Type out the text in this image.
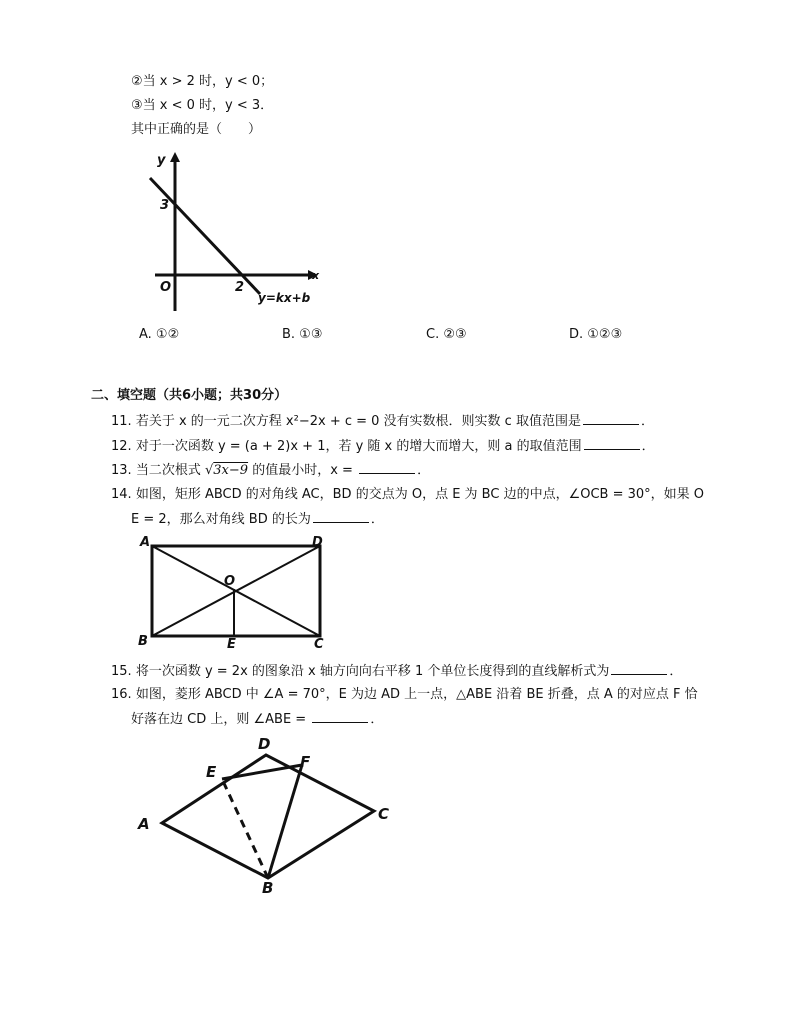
②当 x > 2 时，y < 0；
③当 x < 0 时，y < 3．
其中正确的是（　　）
y
x
O
3
2
y=kx+b
A. ①②	B. ①③	C. ②③	D. ①②③
二、填空题（共6小题；共30分）
11. 若关于 x 的一元二次方程 x²−2x + c = 0 没有实数根．则实数 c 取值范围是	．
12. 对于一次函数 y = (a + 2)x + 1，若 y 随 x 的增大而增大，则 a 的取值范围	．
13. 当二次根式 √3x−9 的值最小时，x =	．
14. 如图，矩形 ABCD 的对角线 AC，BD 的交点为 O，点 E 为 BC 边的中点，∠OCB = 30°，如果 O
E = 2，那么对角线 BD 的长为	．
A	D
O
B	E	C
15. 将一次函数 y = 2x 的图象沿 x 轴方向向右平移 1 个单位长度得到的直线解析式为	．
16. 如图，菱形 ABCD 中 ∠A = 70°，E 为边 AD 上一点，△ABE 沿着 BE 折叠，点 A 的对应点 F 恰
好落在边 CD 上，则 ∠ABE =	．
D
E
F
A
C
B
